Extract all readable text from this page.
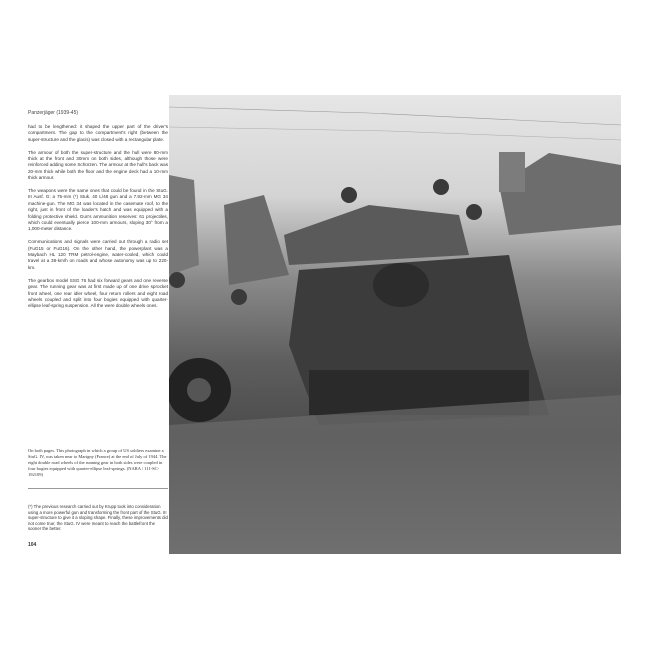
Panzerjäger (1939-45)

had to be lengthened: it shaped the upper part of the driver's compartment. The gap to the compartment's right (between the super-structure and the glacis) was closed with a rectangular plate.

The armour of both the super-structure and the hull were 80-mm thick at the front and 30mm on both sides, although those were reinforced adding some Schürzen. The armour at the hull's back was 20-mm thick while both the floor and the engine deck had a 10-mm thick armour.

The weapons were the same ones that could be found in the StuG. III Ausf. G: a 75-mm (*) Stuk. 40 L/48 gun and a 7.92-mm MG 34 machine-gun. The MG 34 was located in the casemate roof, to the right, just in front of the loader's hatch and was equipped with a folding protective shield. Gun's ammunition reserves: 61 projectiles, which could eventually pierce 100-mm armours, sloping 30° from a 1,000-meter distance.

Communications and signals were carried out through a radio set (FuG15 or FuG16). On the other hand, the powerplant was a Maybach HL 120 TRM petrol-engine, water-cooled, which could travel at a 38-km/h on roads and whose autonomy was up to 220-km.

The gearbox model SSG 76 had six forward gears and one reverse gear. The running gear was at first made up of one drive sprocket front wheel, one rear idler wheel, four return rollers and eight road wheels coupled and split into four bogies equipped with quarter-ellipse leaf-spring suspension. All the were double wheels ones.

On both pages. This photograph in which a group of US soldiers examine a StuG. IV, was taken near to Marigny (France) at the end of July of 1944. The eight double road wheels of the running gear in both sides were coupled in four bogies equipped with quarter-ellipse leaf-springs. (NARA / 111-SC-192109)
(*) The previous research carried out by Krupp took into consideration using a more powerful gun and transforming the front part of the StuG. III super-structure to give it a sloping shape. Finally, these improvements did not come true; the StuG. IV were meant to reach the battlefront the sooner the better.
104
